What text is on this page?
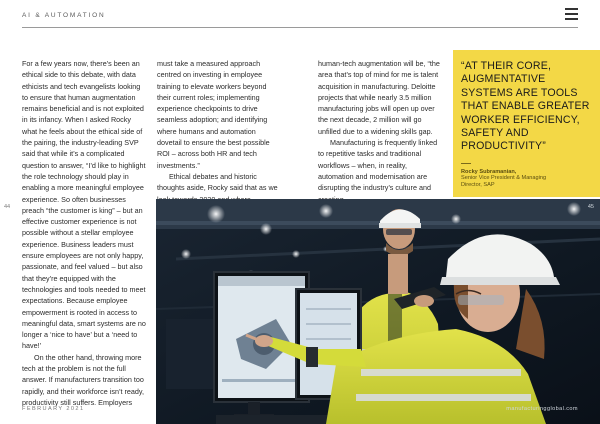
AI & AUTOMATION

For a few years now, there’s been an ethical side to this debate, with data ethicists and tech evangelists looking to ensure that human augmentation remains beneficial and is not exploited in its infancy. When I asked Rocky what he feels about the ethical side of the pairing, the industry-leading SVP said that while it’s a complicated question to answer, “I’d like to highlight the role technology should play in enabling a more meaningful employee experience. So often businesses preach “the customer is king” – but an effective customer experience is not possible without a stellar employee experience. Business leaders must ensure employees are not only happy, passionate, and feel valued – but also that they’re equipped with the technologies and tools needed to meet expectations. Because employee empowerment is rooted in access to meaningful data, smart systems are no longer a ‘nice to have’ but a ‘need to have!’

On the other hand, throwing more tech at the problem is not the full answer. If manufacturers transition too rapidly, and their workforce isn’t ready, productivity still suffers. Employers

must take a measured approach centred on investing in employee training to elevate workers beyond their current roles; implementing experience checkpoints to drive seamless adoption; and identifying where humans and automation dovetail to ensure the best possible ROI – across both HR and tech investments.”

Ethical debates and historic thoughts aside, Rocky said that as we

human-tech augmentation will be, “the area that’s top of mind for me is talent acquisition in manufacturing. Deloitte projects that while nearly 3.5 million manufacturing jobs will open up over the next decade, 2 million will go unfilled due to a widening skills gap.

Manufacturing is frequently linked to repetitive tasks and traditional workflows – when, in reality, automation and modernisation are disrupting the industry’s culture and

“AT THEIR CORE, AUGMENTATIVE SYSTEMS ARE TOOLS THAT ENABLE GREATER WORKER EFFICIENCY, SAFETY AND PRODUCTIVITY”
Rocky Subramanian,
Senior Vice President & Managing
Director, SAP
44	45
FEBRUARY 2021	manufacturingglobal.com
